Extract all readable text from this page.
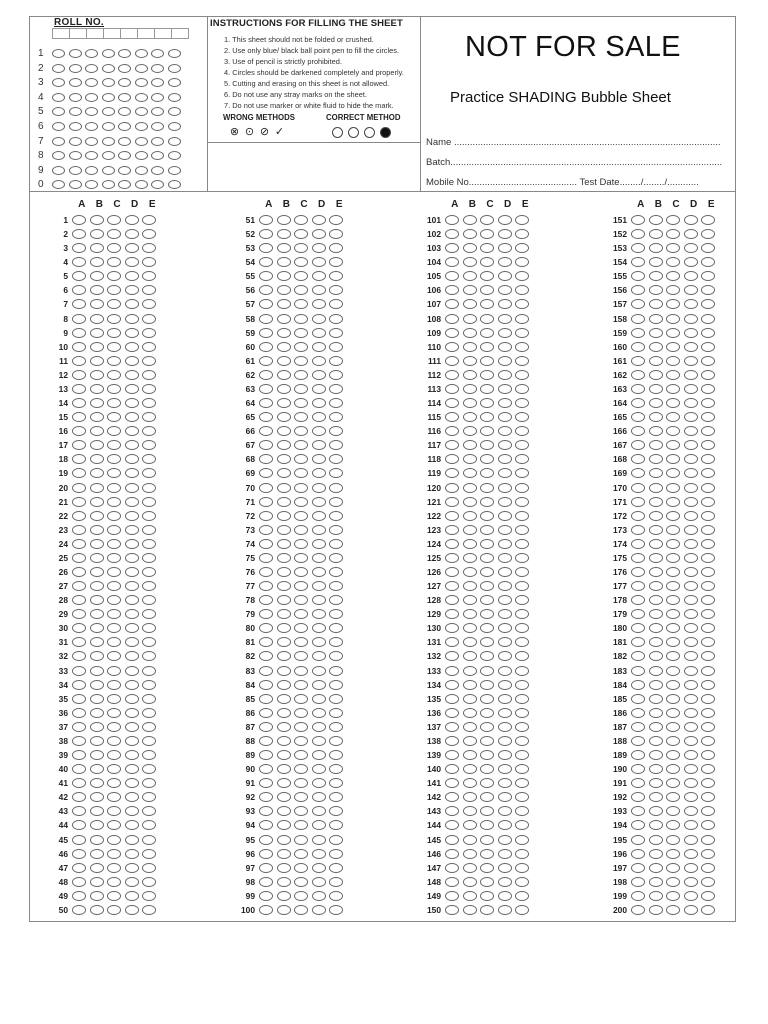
ROLL NO.
1
2
3
4
5
6
7
8
9
0
INSTRUCTIONS FOR FILLING THE SHEET
1. This sheet should not be folded or crushed.
2. Use only blue/ black ball point pen to fill the circles.
3. Use of pencil is strictly prohibited.
4. Circles should be darkened completely and properly.
5. Cutting and erasing on this sheet is not allowed.
6. Do not use any stray marks on the sheet.
7. Do not use marker or white fluid to hide the mark.
WRONG METHODS	CORRECT METHOD
⊗ ⊙ ⊘ ✓
NOT FOR SALE
Practice SHADING Bubble Sheet
Name .....................................................................................................
Batch.......................................................................................................
Mobile No......................................... Test Date......../......../............
A	B	C	D	E
1
2
3
4
5
6
7
8
9
10
11
12
13
14
15
16
17
18
19
20
21
22
23
24
25
26
27
28
29
30
31
32
33
34
35
36
37
38
39
40
41
42
43
44
45
46
47
48
49
50
A	B	C	D	E
51
52
53
54
55
56
57
58
59
60
61
62
63
64
65
66
67
68
69
70
71
72
73
74
75
76
77
78
79
80
81
82
83
84
85
86
87
88
89
90
91
92
93
94
95
96
97
98
99
100
A	B	C	D	E
101
102
103
104
105
106
107
108
109
110
111
112
113
114
115
116
117
118
119
120
121
122
123
124
125
126
127
128
129
130
131
132
133
134
135
136
137
138
139
140
141
142
143
144
145
146
147
148
149
150
A	B	C	D	E
151
152
153
154
155
156
157
158
159
160
161
162
163
164
165
166
167
168
169
170
171
172
173
174
175
176
177
178
179
180
181
182
183
184
185
186
187
188
189
190
191
192
193
194
195
196
197
198
199
200
